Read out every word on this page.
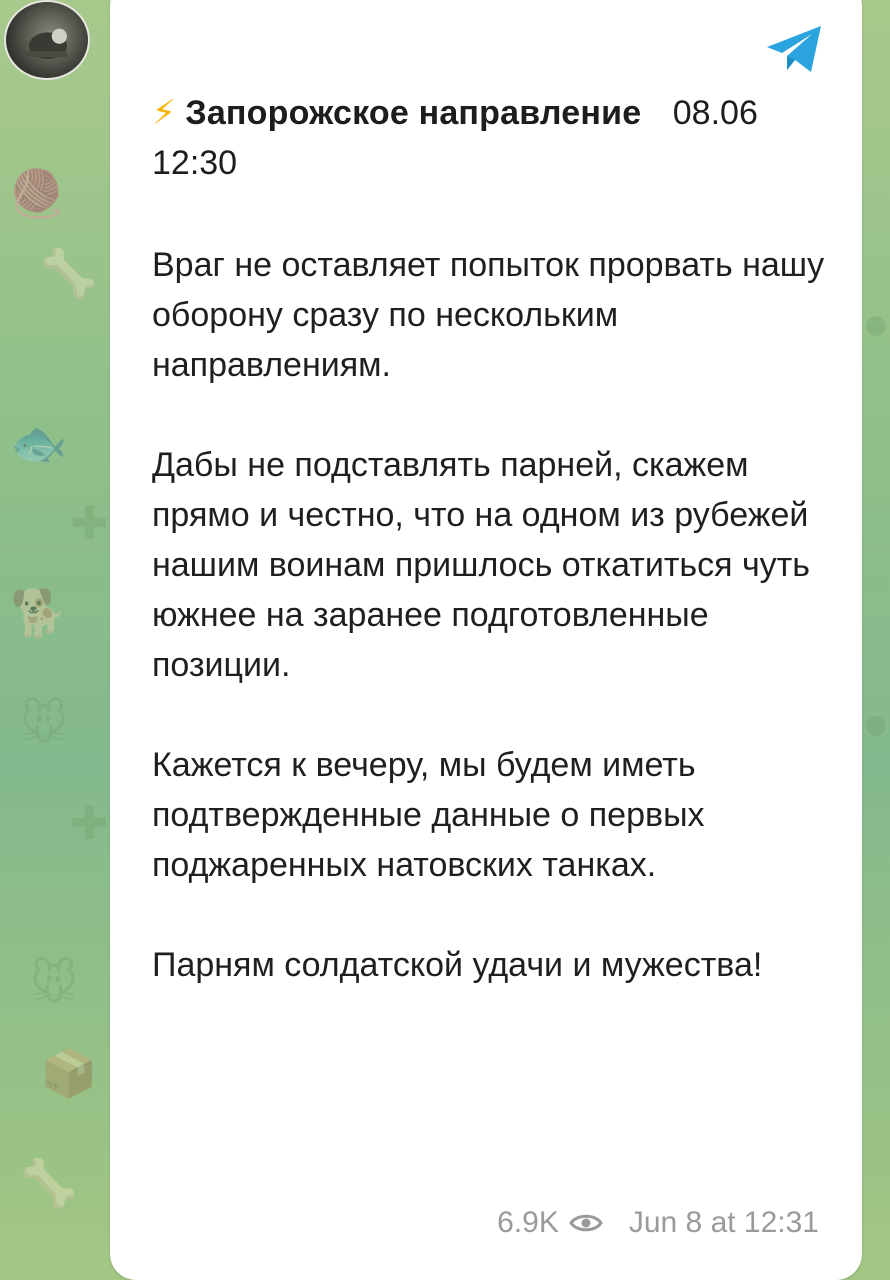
🧶
🦴
🐟
✚
🐕
🐭
✚
🐭
📦
🦴
●
●
⚡ Запорожское направление 08.06
12:30

Враг не оставляет попыток прорвать нашу оборону сразу по нескольким направлениям.

Дабы не подставлять парней, скажем прямо и честно, что на одном из рубежей нашим воинам пришлось откатиться чуть южнее на заранее подготовленные позиции.

Кажется к вечеру, мы будем иметь подтвержденные данные о первых поджаренных натовских танках.

Парням солдатской удачи и мужества!

6.9K Jun 8 at 12:31
